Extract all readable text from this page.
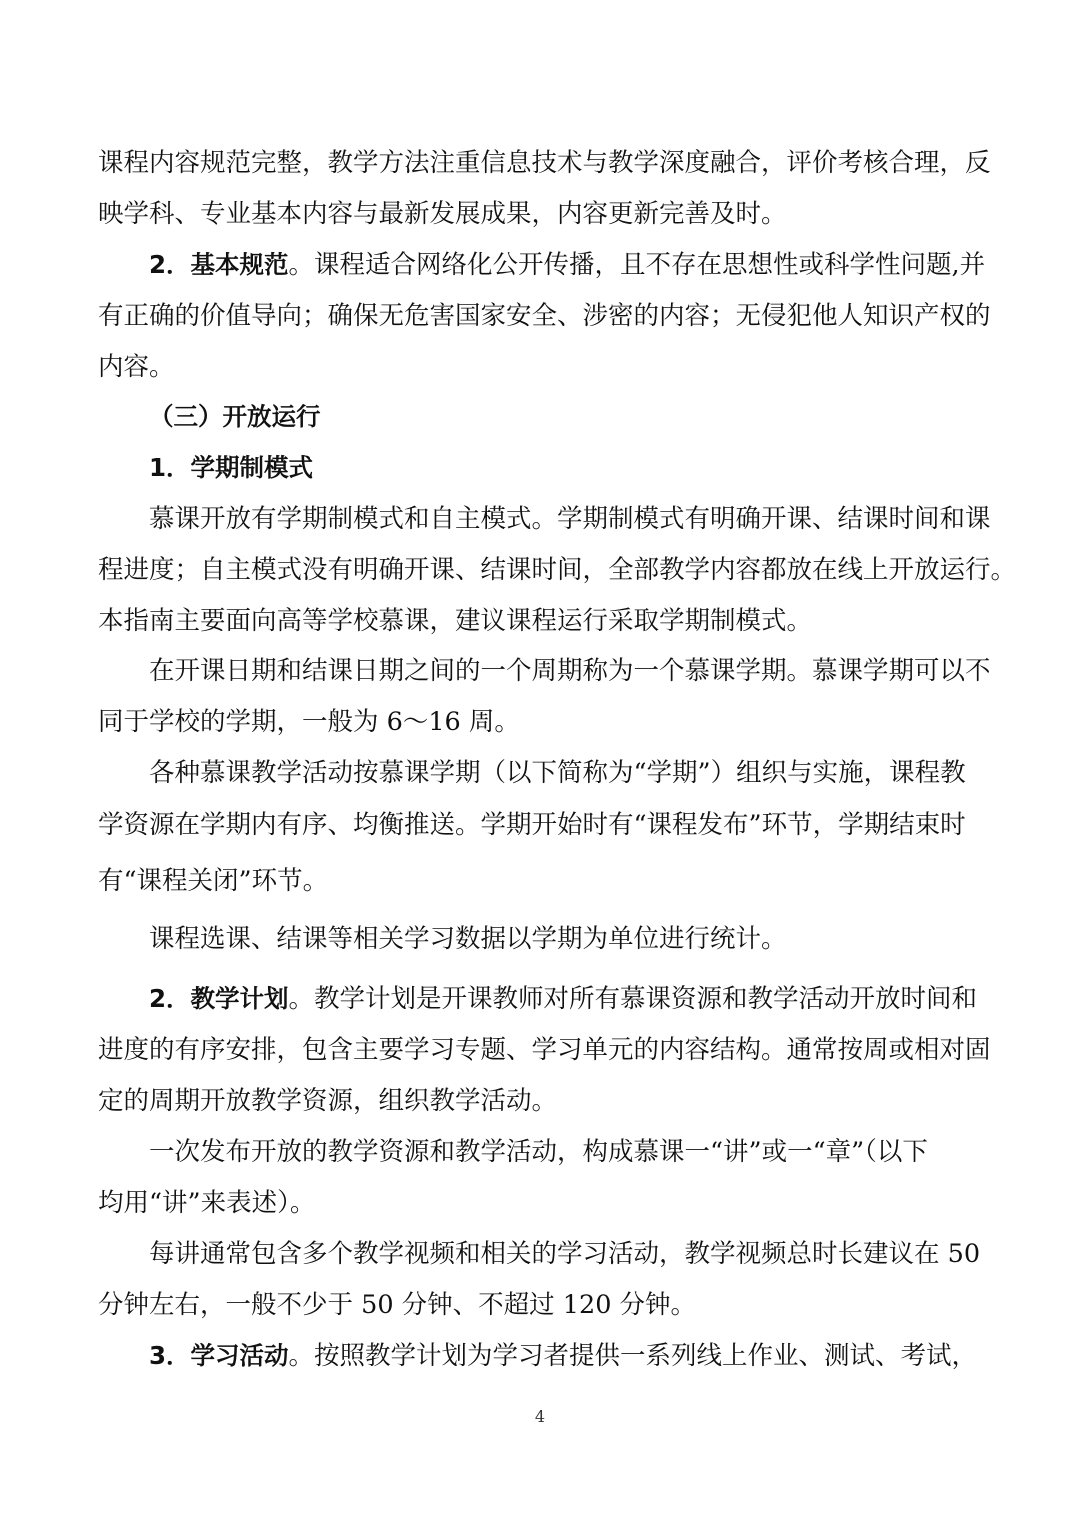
课程内容规范完整，教学方法注重信息技术与教学深度融合，评价考核合理，反
映学科、专业基本内容与最新发展成果，内容更新完善及时。
2．基本规范。课程适合网络化公开传播，且不存在思想性或科学性问题,并
有正确的价值导向；确保无危害国家安全、涉密的内容；无侵犯他人知识产权的
内容。
（三）开放运行
1．学期制模式
慕课开放有学期制模式和自主模式。学期制模式有明确开课、结课时间和课
程进度；自主模式没有明确开课、结课时间，全部教学内容都放在线上开放运行。
本指南主要面向高等学校慕课，建议课程运行采取学期制模式。
在开课日期和结课日期之间的一个周期称为一个慕课学期。慕课学期可以不
同于学校的学期，一般为 6～16 周。
各种慕课教学活动按慕课学期（以下简称为“学期”）组织与实施，课程教
学资源在学期内有序、均衡推送。学期开始时有“课程发布”环节，学期结束时
有“课程关闭”环节。
课程选课、结课等相关学习数据以学期为单位进行统计。
2．教学计划。教学计划是开课教师对所有慕课资源和教学活动开放时间和
进度的有序安排，包含主要学习专题、学习单元的内容结构。通常按周或相对固
定的周期开放教学资源，组织教学活动。
一次发布开放的教学资源和教学活动，构成慕课一“讲”或一“章”（以下
均用“讲”来表述）。
每讲通常包含多个教学视频和相关的学习活动，教学视频总时长建议在 50
分钟左右，一般不少于 50 分钟、不超过 120 分钟。
3．学习活动。按照教学计划为学习者提供一系列线上作业、测试、考试，
4
